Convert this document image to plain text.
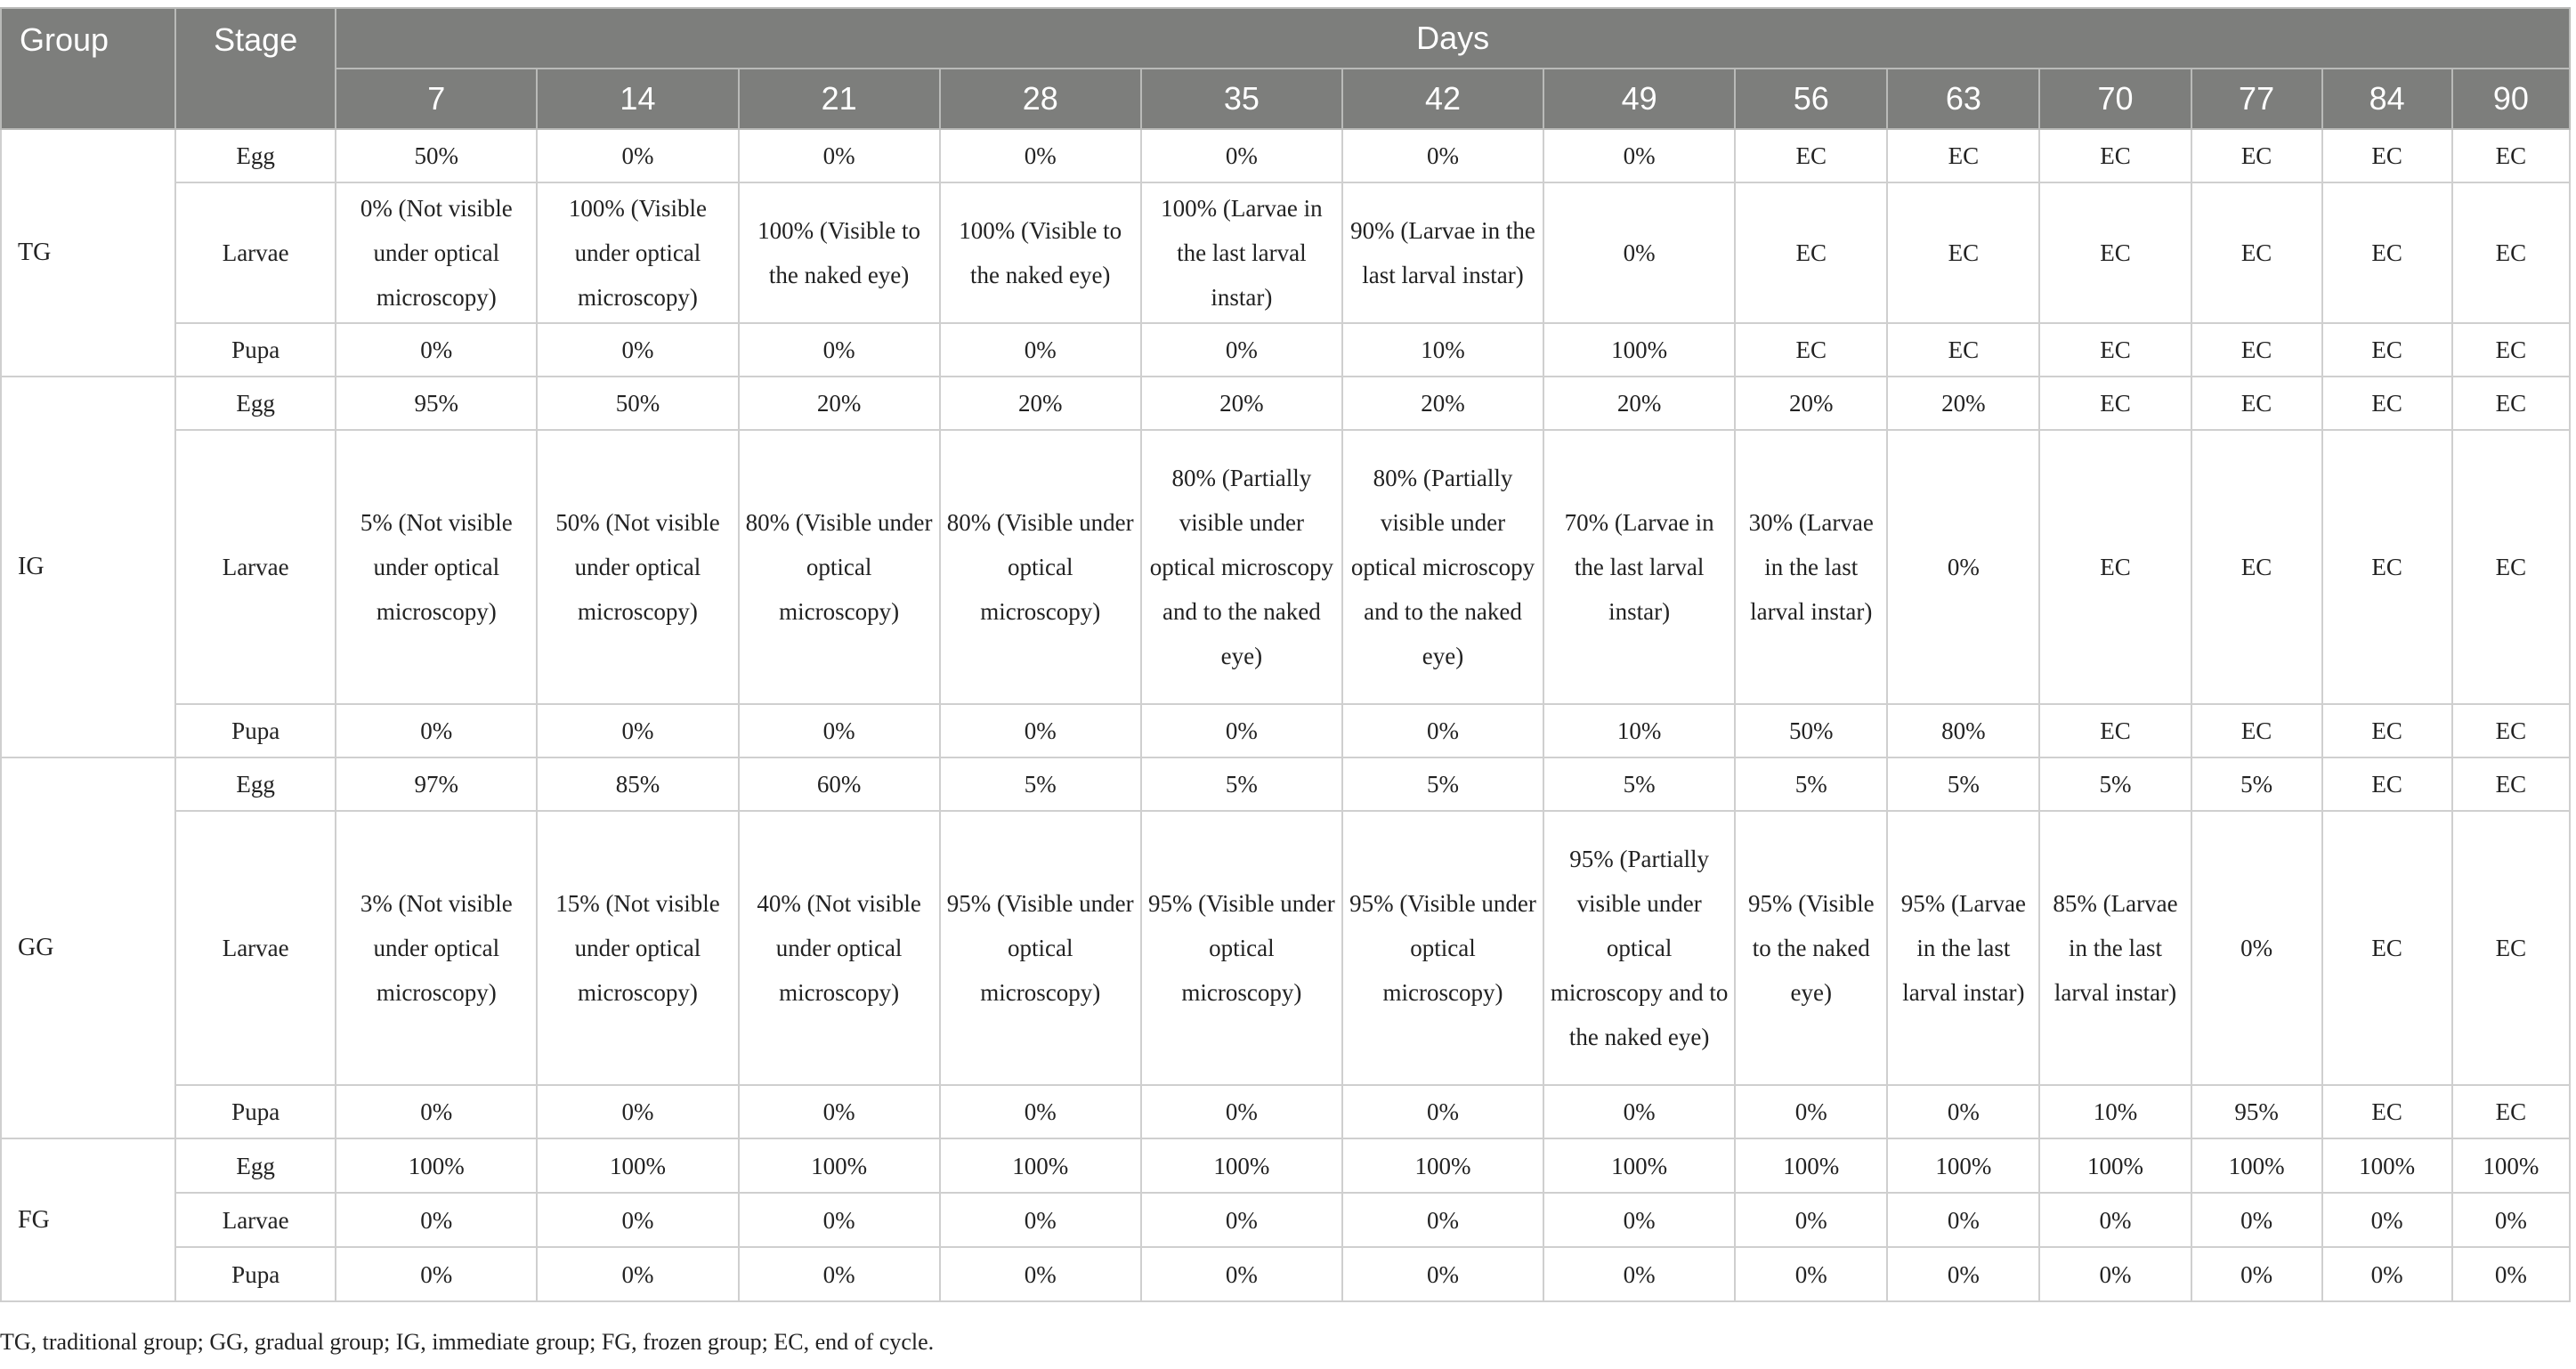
Group	Stage	Days												
		7	14	21	28	35	42	49	56	63	70	77	84	90
TG	Egg	50%	0%	0%	0%	0%	0%	0%	EC	EC	EC	EC	EC	EC
	Larvae	0% (Not visible under optical microscopy)	100% (Visible under optical microscopy)	100% (Visible to the naked eye)	100% (Visible to the naked eye)	100% (Larvae in the last larval instar)	90% (Larvae in the last larval instar)	0%	EC	EC	EC	EC	EC	EC
	Pupa	0%	0%	0%	0%	0%	10%	100%	EC	EC	EC	EC	EC	EC
IG	Egg	95%	50%	20%	20%	20%	20%	20%	20%	20%	EC	EC	EC	EC
	Larvae	5% (Not visible under optical microscopy)	50% (Not visible under optical microscopy)	80% (Visible under optical microscopy)	80% (Visible under optical microscopy)	80% (Partially visible under optical microscopy and to the naked eye)	80% (Partially visible under optical microscopy and to the naked eye)	70% (Larvae in the last larval instar)	30% (Larvae in the last larval instar)	0%	EC	EC	EC	EC
	Pupa	0%	0%	0%	0%	0%	0%	10%	50%	80%	EC	EC	EC	EC
GG	Egg	97%	85%	60%	5%	5%	5%	5%	5%	5%	5%	5%	EC	EC
	Larvae	3% (Not visible under optical microscopy)	15% (Not visible under optical microscopy)	40% (Not visible under optical microscopy)	95% (Visible under optical microscopy)	95% (Visible under optical microscopy)	95% (Visible under optical microscopy)	95% (Partially visible under optical microscopy and to the naked eye)	95% (Visible to the naked eye)	95% (Larvae in the last larval instar)	85% (Larvae in the last larval instar)	0%	EC	EC
	Pupa	0%	0%	0%	0%	0%	0%	0%	0%	0%	10%	95%	EC	EC
FG	Egg	100%	100%	100%	100%	100%	100%	100%	100%	100%	100%	100%	100%	100%
	Larvae	0%	0%	0%	0%	0%	0%	0%	0%	0%	0%	0%	0%	0%
	Pupa	0%	0%	0%	0%	0%	0%	0%	0%	0%	0%	0%	0%	0%
TG, traditional group; GG, gradual group; IG, immediate group; FG, frozen group; EC, end of cycle.
